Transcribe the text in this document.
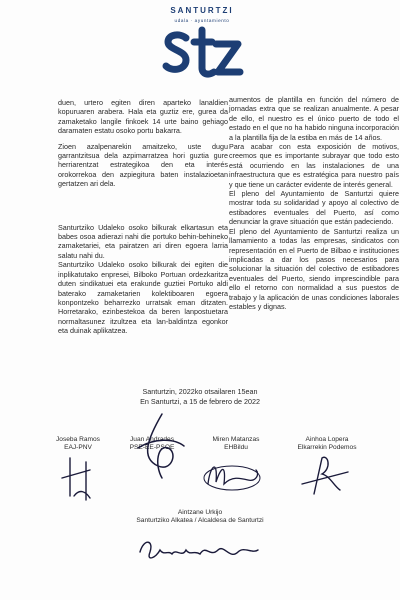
SANTURTZI
udala · ayuntamiento

duen, urtero egiten diren aparteko lanaldien kopuruaren arabera. Hala eta guztiz ere, gurea da zamaketako langile finkoek 14 urte baino gehiago daramaten estatu osoko portu bakarra.

Zioen azalpenarekin amaitzeko, uste dugu garrantzitsua dela azpimarratzea hori guztia gure herriarentzat estrategikoa den eta interés orokorrekoa den azpiegitura baten instalazioetan gertatzen ari dela.

Santurtziko Udaleko osoko bilkurak elkartasun eta babes osoa adierazi nahi die portuko behin-behineko zamaketariei, eta pairatzen ari diren egoera larria salatu nahi du.

Santurtziko Udaleko osoko bilkurak dei egiten die inplikatutako enpresei, Bilboko Portuan ordezkaritza duten sindikatuei eta erakunde guztiei Portuko aldi baterako zamaketarien kolektiboaren egoera konpontzeko beharrezko urratsak eman ditzaten. Horretarako, ezinbestekoa da beren lanpostuetara normaltasunez itzultzea eta lan-baldintza egonkor eta duinak aplikatzea.

aumentos de plantilla en función del número de jornadas extra que se realizan anualmente. A pesar de ello, el nuestro es el único puerto de todo el estado en el que no ha habido ninguna incorporación a la plantilla fija de la estiba en más de 14 años.

Para acabar con esta exposición de motivos, creemos que es importante subrayar que todo esto está ocurriendo en las instalaciones de una infraestructura que es estratégica para nuestro país y que tiene un carácter evidente de interés general.

El pleno del Ayuntamiento de Santurtzi quiere mostrar toda su solidaridad y apoyo al colectivo de estibadores eventuales del Puerto, así como denunciar la grave situación que están padeciendo.

El pleno del Ayuntamiento de Santurtzi realiza un llamamiento a todas las empresas, sindicatos con representación en el Puerto de Bilbao e instituciones implicadas a dar los pasos necesarios para solucionar la situación del colectivo de estibadores eventuales del Puerto, siendo imprescindible para ello el retorno con normalidad a sus puestos de trabajo y la aplicación de unas condiciones laborales estables y dignas.

Santurtzin, 2022ko otsailaren 15ean
En Santurtzi, a 15 de febrero de 2022
Joseba Ramos
EAJ-PNV
Juan Andrades
PSE-EE-PSOE
Miren Matanzas
EHBildu
Ainhoa Lopera
Elkarrekin Podemos
Aintzane Urkijo
Santurtziko Alkatea / Alcaldesa de Santurtzi
